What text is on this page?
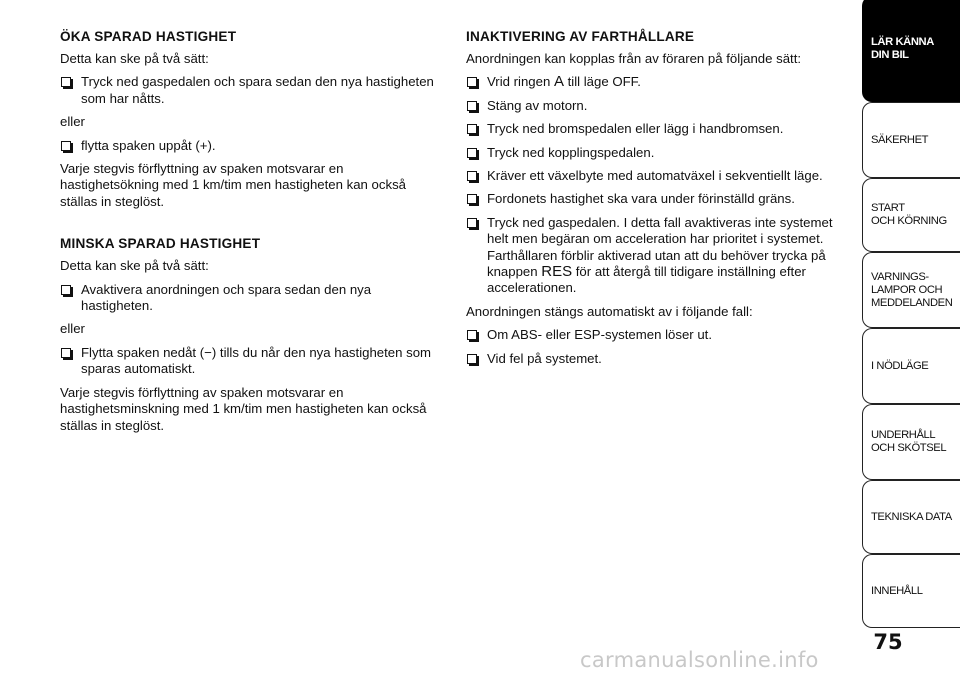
ÖKA SPARAD HASTIGHET
Detta kan ske på två sätt:
Tryck ned gaspedalen och spara sedan den nya hastigheten som har nåtts.
eller
flytta spaken uppåt (+).
Varje stegvis förflyttning av spaken motsvarar en hastighetsökning med 1 km/tim men hastigheten kan också ställas in steglöst.
MINSKA SPARAD HASTIGHET
Detta kan ske på två sätt:
Avaktivera anordningen och spara sedan den nya hastigheten.
eller
Flytta spaken nedåt (−) tills du når den nya hastigheten som sparas automatiskt.
Varje stegvis förflyttning av spaken motsvarar en hastighetsminskning med 1 km/tim men hastigheten kan också ställas in steglöst.
INAKTIVERING AV FARTHÅLLARE
Anordningen kan kopplas från av föraren på följande sätt:
Vrid ringen A till läge OFF.
Stäng av motorn.
Tryck ned bromspedalen eller lägg i handbromsen.
Tryck ned kopplingspedalen.
Kräver ett växelbyte med automatväxel i sekventiellt läge.
Fordonets hastighet ska vara under förinställd gräns.
Tryck ned gaspedalen. I detta fall avaktiveras inte systemet helt men begäran om acceleration har prioritet i systemet. Farthållaren förblir aktiverad utan att du behöver trycka på knappen RES för att återgå till tidigare inställning efter accelerationen.
Anordningen stängs automatiskt av i följande fall:
Om ABS- eller ESP-systemen löser ut.
Vid fel på systemet.
LÄR KÄNNA
DIN BIL
SÄKERHET
START
OCH KÖRNING
VARNINGS-
LAMPOR OCH
MEDDELANDEN
I NÖDLÄGE
UNDERHÅLL
OCH SKÖTSEL
TEKNISKA DATA
INNEHÅLL
75
carmanualsonline.info
